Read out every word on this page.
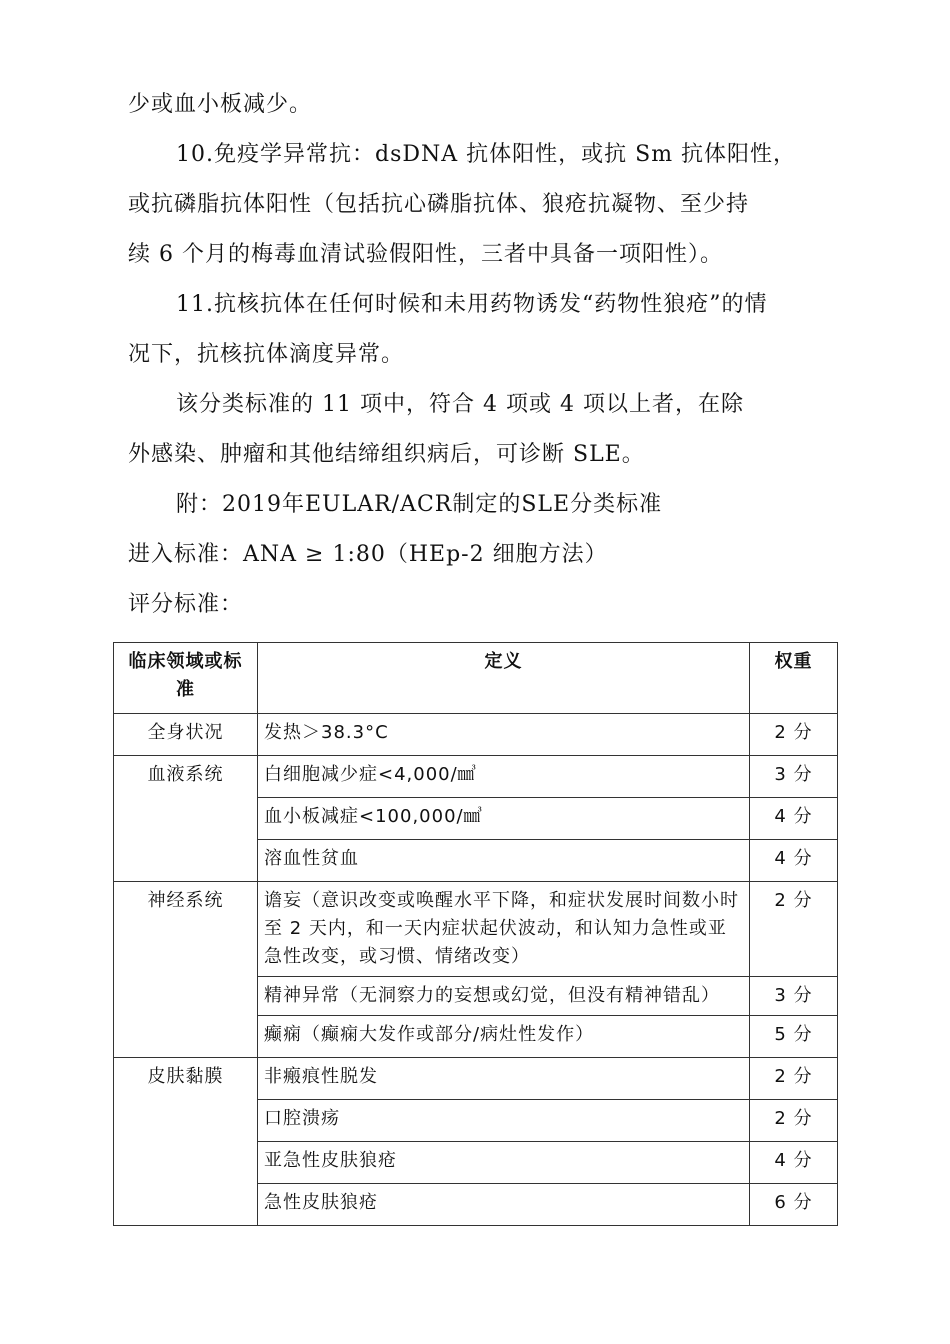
少或血小板减少。
10.免疫学异常抗：dsDNA 抗体阳性，或抗 Sm 抗体阳性，
或抗磷脂抗体阳性（包括抗心磷脂抗体、狼疮抗凝物、至少持
续 6 个月的梅毒血清试验假阳性，三者中具备一项阳性）。
11.抗核抗体在任何时候和未用药物诱发“药物性狼疮”的情
况下，抗核抗体滴度异常。
该分类标准的 11 项中，符合 4 项或 4 项以上者，在除
外感染、肿瘤和其他结缔组织病后，可诊断 SLE。
附：2019年EULAR/ACR制定的SLE分类标准
进入标准：ANA ≥ 1:80（HEp-2 细胞方法）
评分标准：
临床领域或标准	定义	权重
全身状况	发热＞38.3°C	2 分
血液系统	白细胞减少症<4,000/㎣	3 分
	血小板减症<100,000/㎣	4 分
	溶血性贫血	4 分
神经系统	谵妄（意识改变或唤醒水平下降，和症状发展时间数小时至 2 天内，和一天内症状起伏波动，和认知力急性或亚急性改变，或习惯、情绪改变）	2 分
	精神异常（无洞察力的妄想或幻觉，但没有精神错乱）	3 分
	癫痫（癫痫大发作或部分/病灶性发作）	5 分
皮肤黏膜	非瘢痕性脱发	2 分
	口腔溃疡	2 分
	亚急性皮肤狼疮	4 分
	急性皮肤狼疮	6 分
